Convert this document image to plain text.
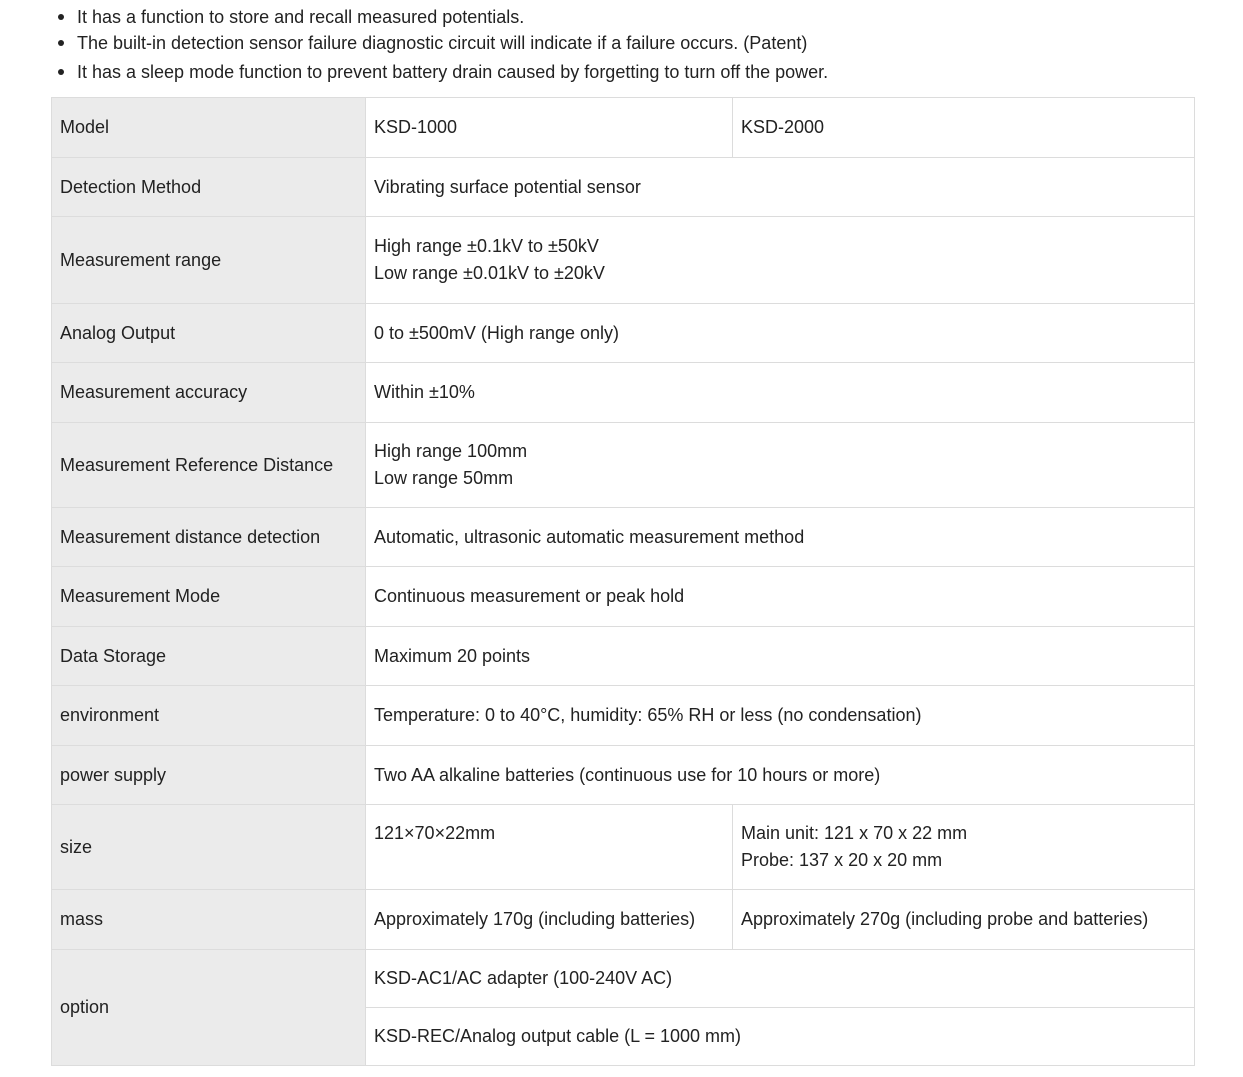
It has a function to store and recall measured potentials.
The built-in detection sensor failure diagnostic circuit will indicate if a failure occurs. (Patent)
It has a sleep mode function to prevent battery drain caused by forgetting to turn off the power.
Model	KSD-1000	KSD-2000
Detection Method	Vibrating surface potential sensor	
Measurement range	High range ±0.1kV to ±50kV
Low range ±0.01kV to ±20kV	

Analog Output	0 to ±500mV (High range only)	
Measurement accuracy	Within ±10%	
Measurement Reference Distance	High range 100mm
Low range 50mm	

Measurement distance detection	Automatic, ultrasonic automatic measurement method	
Measurement Mode	Continuous measurement or peak hold	
Data Storage	Maximum 20 points	
environment	Temperature: 0 to 40°C, humidity: 65% RH or less (no condensation)	
power supply	Two AA alkaline batteries (continuous use for 10 hours or more)	
size	121×70×22mm	Main unit: 121 x 70 x 22 mm
Probe: 137 x 20 x 20 mm

mass	Approximately 170g (including batteries)	Approximately 270g (including probe and batteries)
option	KSD-AC1/AC adapter (100-240V AC)	
	KSD-REC/Analog output cable (L = 1000 mm)	
